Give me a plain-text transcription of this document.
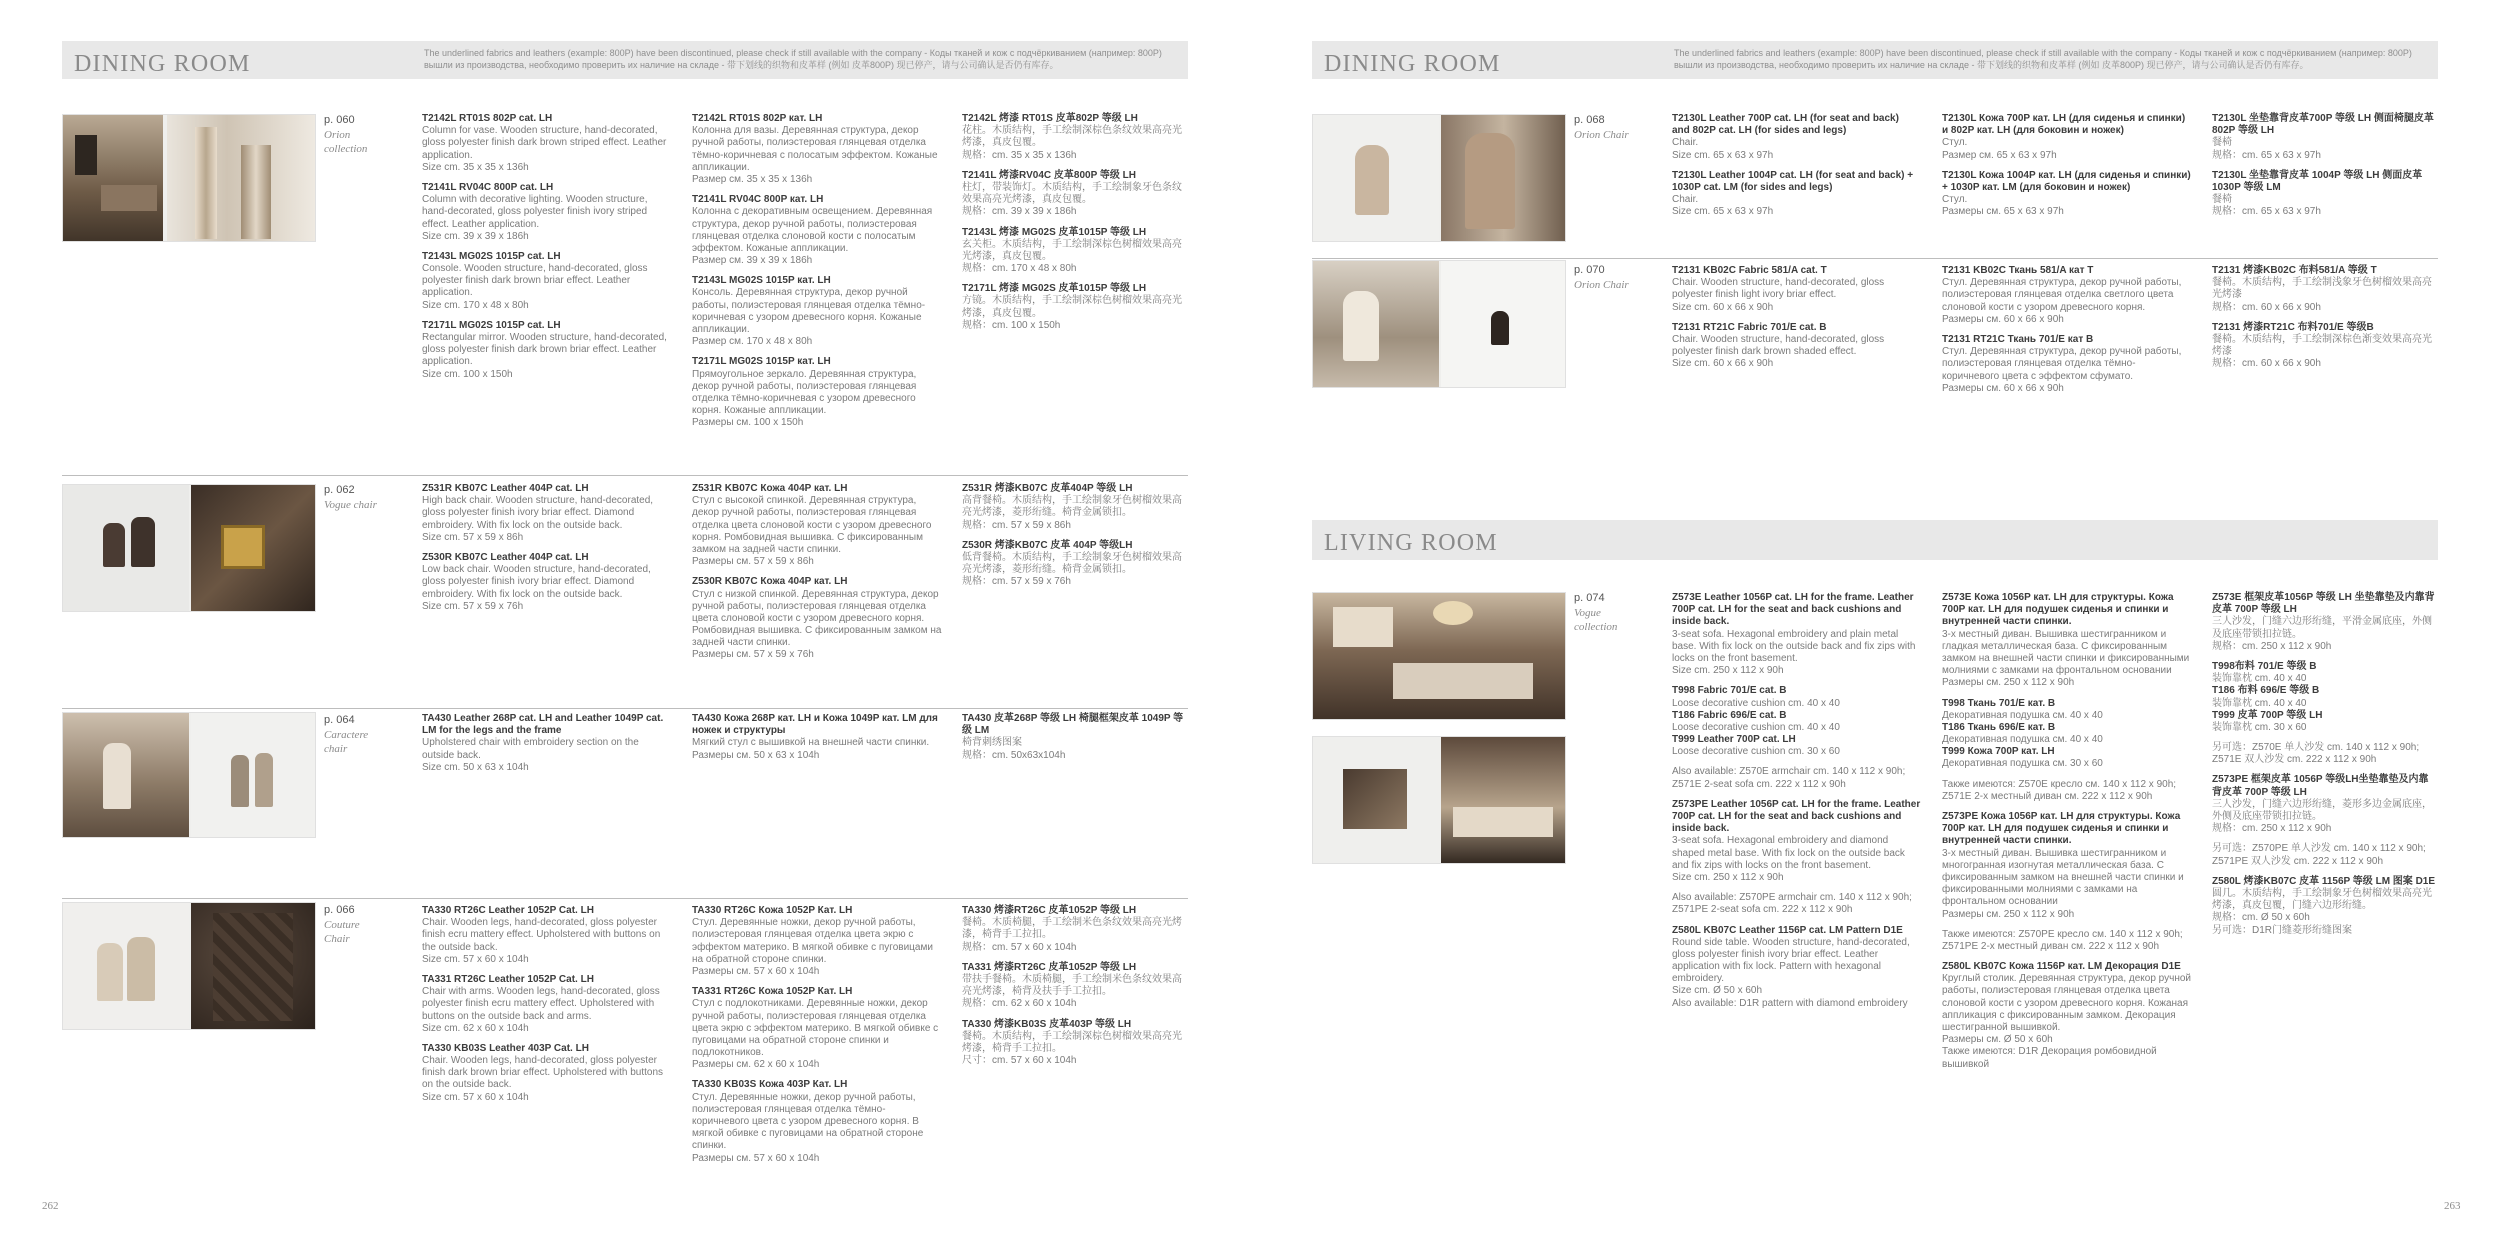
DINING ROOM	The underlined fabrics and leathers (example: 800P) have been discontinued, please check if still available with the company - Коды тканей и кож с подчёркиванием (например: 800P) вышли из производства, необходимо проверить их наличие на складе - 带下划线的织物和皮革样 (例如 皮革800P) 现已停产，请与公司确认是否仍有库存。
p. 060
Orion collection
T2142L RT01S 802P cat. LH
Column for vase. Wooden structure, hand-decorated, gloss polyester finish dark brown striped effect. Leather application.
Size cm. 35 x 35 x 136h
T2141L RV04C 800P cat. LH
Column with decorative lighting. Wooden structure, hand-decorated, gloss polyester finish ivory striped effect. Leather application.
Size cm. 39 x 39 x 186h
T2143L MG02S 1015P cat. LH
Console. Wooden structure, hand-decorated, gloss polyester finish dark brown briar effect. Leather application.
Size cm. 170 x 48 x 80h
T2171L MG02S 1015P cat. LH
Rectangular mirror. Wooden structure, hand-decorated, gloss polyester finish dark brown briar effect. Leather application.
Size cm. 100 x 150h
T2142L RT01S 802P кат. LH
Колонна для вазы. Деревянная структура, декор ручной работы, полиэстеровая глянцевая отделка тёмно-коричневая с полосатым эффектом. Кожаные аппликации.
Размер см. 35 x 35 x 136h
T2141L RV04C 800P кат. LH
Колонна с декоративным освещением. Деревянная структура, декор ручной работы, полиэстеровая глянцевая отделка слоновой кости с полосатым эффектом. Кожаные аппликации.
Размер см. 39 x 39 x 186h
T2143L MG02S 1015P кат. LH
Консоль. Деревянная структура, декор ручной работы, полиэстеровая глянцевая отделка тёмно-коричневая с узором древесного корня. Кожаные аппликации.
Размер см. 170 x 48 x 80h
T2171L MG02S 1015P кат. LH
Прямоугольное зеркало. Деревянная структура, декор ручной работы, полиэстеровая глянцевая отделка тёмно-коричневая с узором древесного корня. Кожаные аппликации.
Размеры см. 100 x 150h
T2142L 烤漆 RT01S 皮革802P 等级 LH
花柱。木质结构，手工绘制深棕色条纹效果高亮光烤漆，真皮包覆。
规格：cm. 35 x 35 x 136h
T2141L 烤漆RV04C 皮革800P 等级 LH
柱灯，带装饰灯。木质结构，手工绘制象牙色条纹效果高亮光烤漆，真皮包覆。
规格：cm. 39 x 39 x 186h
T2143L 烤漆 MG02S 皮革1015P 等级 LH
玄关柜。木质结构，手工绘制深棕色树榴效果高亮光烤漆，真皮包覆。
规格：cm. 170 x 48 x 80h
T2171L 烤漆 MG02S 皮革1015P 等级 LH
方镜。木质结构，手工绘制深棕色树榴效果高亮光烤漆，真皮包覆。
规格：cm. 100 x 150h
p. 062
Vogue chair
Z531R KB07C Leather 404P cat. LH
High back chair. Wooden structure, hand-decorated, gloss polyester finish ivory briar effect. Diamond embroidery. With fix lock on the outside back.
Size cm. 57 x 59 x 86h
Z530R KB07C Leather 404P cat. LH
Low back chair. Wooden structure, hand-decorated, gloss polyester finish ivory briar effect. Diamond embroidery. With fix lock on the outside back.
Size cm. 57 x 59 x 76h
Z531R KB07C Кожа 404P кат. LH
Стул с высокой спинкой. Деревянная структура, декор ручной работы, полиэстеровая глянцевая отделка цвета слоновой кости с узором древесного корня. Ромбовидная вышивка. С фиксированным замком на задней части спинки.
Размеры см. 57 x 59 x 86h
Z530R KB07C Кожа 404P кат. LH
Стул с низкой спинкой. Деревянная структура, декор ручной работы, полиэстеровая глянцевая отделка цвета слоновой кости с узором древесного корня. Ромбовидная вышивка. С фиксированным замком на задней части спинки.
Размеры см. 57 x 59 x 76h
Z531R 烤漆KB07C 皮革404P 等级 LH
高背餐椅。木质结构，手工绘制象牙色树榴效果高亮光烤漆，菱形绗缝。椅背金属锁扣。
规格：cm. 57 x 59 x 86h
Z530R 烤漆KB07C 皮革 404P 等级LH
低背餐椅。木质结构，手工绘制象牙色树榴效果高亮光烤漆，菱形绗缝。椅背金属锁扣。
规格：cm. 57 x 59 x 76h
p. 064
Caractere chair
TA430 Leather 268P cat. LH and Leather 1049P cat. LM for the legs and the frame
Upholstered chair with embroidery section on the outside back.
Size cm. 50 x 63 x 104h
TA430 Кожа 268P кат. LH и Кожа 1049P кат. LM для ножек и структуры
Мягкий стул с вышивкой на внешней части спинки.
Размеры см. 50 x 63 x 104h
TA430 皮革268P 等级 LH 椅腿框架皮革 1049P 等级 LM
椅背刺绣图案
规格：cm. 50x63x104h
p. 066
Couture Chair
TA330 RT26C Leather 1052P Cat. LH
Chair. Wooden legs, hand-decorated, gloss polyester finish ecru mattery effect. Upholstered with buttons on the outside back.
Size cm. 57 x 60 x 104h
TA331 RT26C Leather 1052P Cat. LH
Chair with arms. Wooden legs, hand-decorated, gloss polyester finish ecru mattery effect. Upholstered with buttons on the outside back and arms.
Size cm. 62 x 60 x 104h
TA330 KB03S Leather 403P Cat. LH
Chair. Wooden legs, hand-decorated, gloss polyester finish dark brown briar effect. Upholstered with buttons on the outside back.
Size cm. 57 x 60 x 104h
TA330 RT26C Кожа 1052P Кат. LH
Стул. Деревянные ножки, декор ручной работы, полиэстеровая глянцевая отделка цвета экрю с эффектом материко. В мягкой обивке с пуговицами на обратной стороне спинки.
Размеры см. 57 x 60 x 104h
TA331 RT26C Кожа 1052P Кат. LH
Стул с подлокотниками. Деревянные ножки, декор ручной работы, полиэстеровая глянцевая отделка цвета экрю с эффектом материко. В мягкой обивке с пуговицами на обратной стороне спинки и подлокотников.
Размеры см. 62 x 60 x 104h
TA330 KB03S Кожа 403P Кат. LH
Стул. Деревянные ножки, декор ручной работы, полиэстеровая глянцевая отделка тёмно-коричневого цвета с узором древесного корня. В мягкой обивке с пуговицами на обратной стороне спинки.
Размеры см. 57 x 60 x 104h
TA330 烤漆RT26C 皮革1052P 等级 LH
餐椅。木质椅腿，手工绘制米色条纹效果高亮光烤漆，椅背手工拉扣。
规格：cm. 57 x 60 x 104h
TA331 烤漆RT26C 皮革1052P 等级 LH
带扶手餐椅。木质椅腿，手工绘制米色条纹效果高亮光烤漆，椅背及扶手手工拉扣。
规格：cm. 62 x 60 x 104h
TA330 烤漆KB03S 皮革403P 等级 LH
餐椅。木质结构，手工绘制深棕色树榴效果高亮光烤漆，椅背手工拉扣。
尺寸：cm. 57 x 60 x 104h
262
DINING ROOM	The underlined fabrics and leathers (example: 800P) have been discontinued, please check if still available with the company - Коды тканей и кож с подчёркиванием (например: 800P) вышли из производства, необходимо проверить их наличие на складе - 带下划线的织物和皮革样 (例如 皮革800P) 现已停产，请与公司确认是否仍有库存。
p. 068
Orion Chair
T2130L Leather 700P cat. LH (for seat and back) and 802P cat. LH (for sides and legs)
Chair.
Size cm. 65 x 63 x 97h
T2130L Leather 1004P cat. LH (for seat and back) + 1030P cat. LM (for sides and legs)
Chair.
Size cm. 65 x 63 x 97h
T2130L Кожа 700P кат. LH (для сиденья и спинки) и 802P кат. LH (для боковин и ножек)
Стул.
Размер см. 65 x 63 x 97h
T2130L Кожа 1004P кат. LH (для сиденья и спинки) + 1030P кат. LM (для боковин и ножек)
Стул.
Размеры см. 65 x 63 x 97h
T2130L 坐垫靠背皮革700P 等级 LH 侧面椅腿皮革802P 等级 LH
餐椅
规格：cm. 65 x 63 x 97h
T2130L 坐垫靠背皮革 1004P 等级 LH 侧面皮革1030P 等级 LM
餐椅
规格：cm. 65 x 63 x 97h
p. 070
Orion Chair
T2131 KB02C Fabric 581/A cat. T
Chair. Wooden structure, hand-decorated, gloss polyester finish light ivory briar effect.
Size cm. 60 x 66 x 90h
T2131 RT21C Fabric 701/E cat. B
Chair. Wooden structure, hand-decorated, gloss polyester finish dark brown shaded effect.
Size cm. 60 x 66 x 90h
T2131 KB02C Ткань 581/A кат T
Стул. Деревянная структура, декор ручной работы, полиэстеровая глянцевая отделка светлого цвета слоновой кости с узором древесного корня.
Размеры см. 60 x 66 x 90h
T2131 RT21C Ткань 701/E кат B
Стул. Деревянная структура, декор ручной работы, полиэстеровая глянцевая отделка тёмно-коричневого цвета с эффектом сфумато.
Размеры см. 60 x 66 x 90h
T2131 烤漆KB02C 布料581/A 等级 T
餐椅。木质结构，手工绘制浅象牙色树榴效果高亮光烤漆
规格：cm. 60 x 66 x 90h
T2131 烤漆RT21C 布料701/E 等级B
餐椅。木质结构，手工绘制深棕色渐变效果高亮光烤漆
规格：cm. 60 x 66 x 90h
LIVING ROOM
p. 074
Vogue collection
Z573E Leather 1056P cat. LH for the frame. Leather 700P cat. LH for the seat and back cushions and inside back.
3-seat sofa. Hexagonal embroidery and plain metal base. With fix lock on the outside back and fix zips with locks on the front basement.
Size cm. 250 x 112 x 90h
T998 Fabric 701/E cat. B
Loose decorative cushion cm. 40 x 40
T186 Fabric 696/E cat. B
Loose decorative cushion cm. 40 x 40
T999 Leather 700P cat. LH
Loose decorative cushion cm. 30 x 60
Also available: Z570E armchair cm. 140 x 112 x 90h; Z571E 2-seat sofa cm. 222 x 112 x 90h
Z573PE Leather 1056P cat. LH for the frame. Leather 700P cat. LH for the seat and back cushions and inside back.
3-seat sofa. Hexagonal embroidery and diamond shaped metal base. With fix lock on the outside back and fix zips with locks on the front basement.
Size cm. 250 x 112 x 90h
Also available: Z570PE armchair cm. 140 x 112 x 90h; Z571PE 2-seat sofa cm. 222 x 112 x 90h
Z580L KB07C Leather 1156P cat. LM Pattern D1E
Round side table. Wooden structure, hand-decorated, gloss polyester finish ivory briar effect. Leather application with fix lock. Pattern with hexagonal embroidery.
Size cm. Ø 50 x 60h
Also available: D1R pattern with diamond embroidery
Z573E Кожа 1056P кат. LH для структуры. Кожа 700P кат. LH для подушек сиденья и спинки и внутренней части спинки.
3-х местный диван. Вышивка шестигранником и гладкая металлическая база. С фиксированным замком на внешней части спинки и фиксированными молниями с замками на фронтальном основании
Размеры см. 250 x 112 x 90h
T998 Ткань 701/E кат. B
Декоративная подушка см. 40 x 40
T186 Ткань 696/E кат. B
Декоративная подушка см. 40 x 40
T999 Кожа 700P кат. LH
Декоративная подушка см. 30 x 60
Также имеются: Z570E кресло см. 140 x 112 x 90h; Z571E 2-х местный диван см. 222 x 112 x 90h
Z573PE Кожа 1056P кат. LH для структуры. Кожа 700P кат. LH для подушек сиденья и спинки и внутренней части спинки.
3-х местный диван. Вышивка шестигранником и многогранная изогнутая металлическая база. С фиксированным замком на внешней части спинки и фиксированными молниями с замками на фронтальном основании
Размеры см. 250 x 112 x 90h
Также имеются: Z570PE кресло см. 140 x 112 x 90h; Z571PE 2-х местный диван см. 222 x 112 x 90h
Z580L KB07C Кожа 1156P кат. LM Декорация D1E
Круглый столик. Деревянная структура, декор ручной работы, полиэстеровая глянцевая отделка цвета слоновой кости с узором древесного корня. Кожаная аппликация с фиксированным замком. Декорация шестигранной вышивкой.
Размеры см. Ø 50 x 60h
Также имеются: D1R Декорация ромбовидной вышивкой
Z573E 框架皮革1056P 等级 LH 坐垫靠垫及内靠背皮革 700P 等级 LH
三人沙发，门缝六边形绗缝，平滑金属底座，外侧及底座带锁扣拉链。
规格：cm. 250 x 112 x 90h
T998布料 701/E 等级 B
装饰靠枕 cm. 40 x 40
T186 布料 696/E 等级 B
装饰靠枕 cm. 40 x 40
T999 皮革 700P 等级 LH
装饰靠枕 cm. 30 x 60
另可选：Z570E 单人沙发 cm. 140 x 112 x 90h; Z571E 双人沙发 cm. 222 x 112 x 90h
Z573PE 框架皮革 1056P 等级LH坐垫靠垫及内靠背皮革 700P 等级 LH
三人沙发，门缝六边形绗缝，菱形多边金属底座，外侧及底座带锁扣拉链。
规格：cm. 250 x 112 x 90h
另可选：Z570PE 单人沙发 cm. 140 x 112 x 90h; Z571PE 双人沙发 cm. 222 x 112 x 90h
Z580L 烤漆KB07C 皮革 1156P 等级 LM 图案 D1E
圆几。木质结构，手工绘制象牙色树榴效果高亮光烤漆，真皮包覆，门缝六边形绗缝。
规格：cm. Ø 50 x 60h
另可选：D1R门缝菱形绗缝图案
263
